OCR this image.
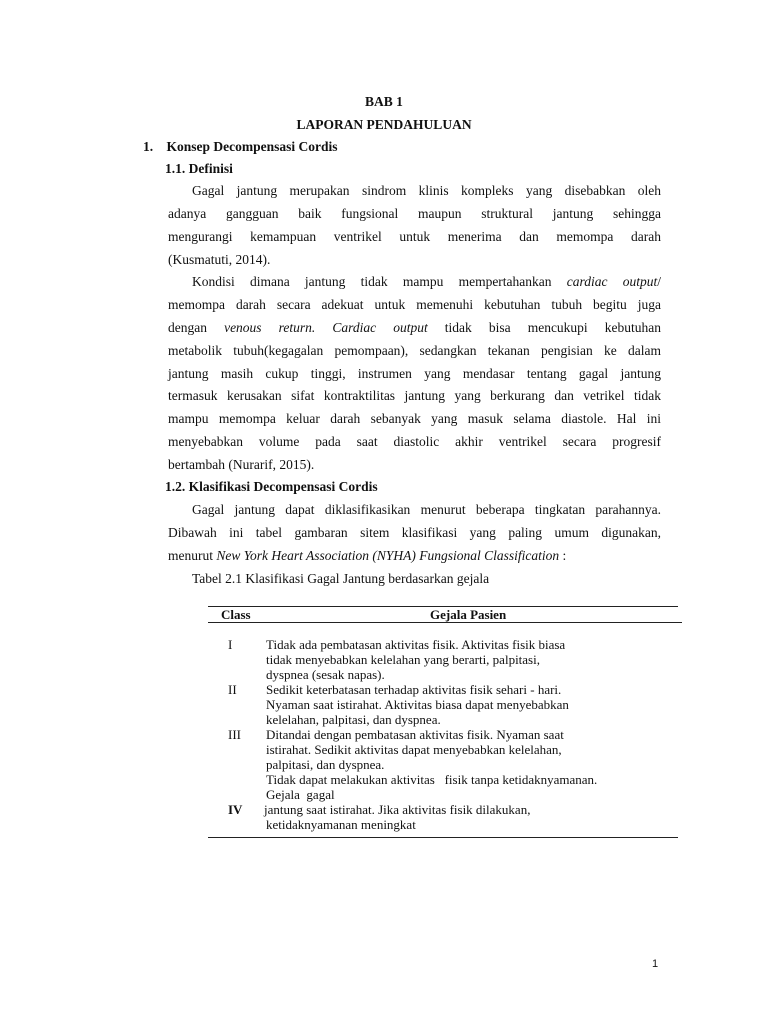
BAB 1
LAPORAN PENDAHULUAN
1. Konsep Decompensasi Cordis
1.1. Definisi
Gagal jantung merupakan sindrom klinis kompleks yang disebabkan oleh
adanya gangguan baik fungsional maupun struktural jantung sehingga
mengurangi kemampuan ventrikel untuk menerima dan memompa darah
(Kusmatuti, 2014).
Kondisi dimana jantung tidak mampu mempertahankan cardiac output/
memompa darah secara adekuat untuk memenuhi kebutuhan tubuh begitu juga
dengan venous return. Cardiac output tidak bisa mencukupi kebutuhan
metabolik tubuh(kegagalan pemompaan), sedangkan tekanan pengisian ke dalam
jantung masih cukup tinggi, instrumen yang mendasar tentang gagal jantung
termasuk kerusakan sifat kontraktilitas jantung yang berkurang dan vetrikel tidak
mampu memompa keluar darah sebanyak yang masuk selama diastole. Hal ini
menyebabkan volume pada saat diastolic akhir ventrikel secara progresif
bertambah (Nurarif, 2015).
1.2. Klasifikasi Decompensasi Cordis
Gagal jantung dapat diklasifikasikan menurut beberapa tingkatan parahannya.
Dibawah ini tabel gambaran sitem klasifikasi yang paling umum digunakan,
menurut New York Heart Association (NYHA) Fungsional Classification :
Tabel 2.1 Klasifikasi Gagal Jantung berdasarkan gejala
Class	Gejala Pasien
I	Tidak ada pembatasan aktivitas fisik. Aktivitas fisik biasa
tidak menyebabkan kelelahan yang berarti, palpitasi,
dyspnea (sesak napas).
II Sedikit keterbatasan terhadap aktivitas fisik sehari - hari.
Nyaman saat istirahat. Aktivitas biasa dapat menyebabkan
kelelahan, palpitasi, dan dyspnea.
III Ditandai dengan pembatasan aktivitas fisik. Nyaman saat
istirahat. Sedikit aktivitas dapat menyebabkan kelelahan,
palpitasi, dan dyspnea.
Tidak dapat melakukan aktivitas   fisik tanpa ketidaknyamanan.
Gejala  gagal
IV jantung saat istirahat. Jika aktivitas fisik dilakukan,
ketidaknyamanan meningkat
1
